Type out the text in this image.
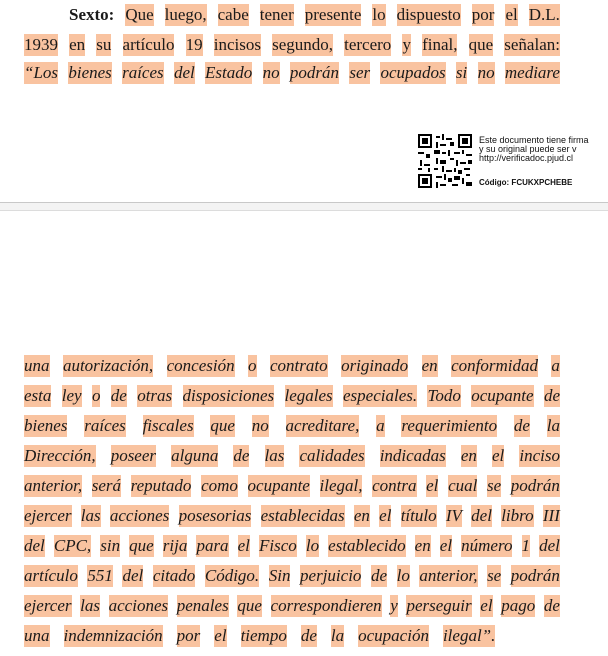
Sexto: Que luego, cabe tener presente lo dispuesto por el D.L.
1939 en su artículo 19 incisos segundo, tercero y final, que señalan:
“Los bienes raíces del Estado no podrán ser ocupados si no mediare
Este documento tiene firma
y su original puede ser v
http://verificadoc.pjud.cl
Código: FCUKXPCHEBE
una autorización, concesión o contrato originado en conformidad a
esta ley o de otras disposiciones legales especiales. Todo ocupante de
bienes raíces fiscales que no acreditare, a requerimiento de la
Dirección, poseer alguna de las calidades indicadas en el inciso
anterior, será reputado como ocupante ilegal, contra el cual se podrán
ejercer las acciones posesorias establecidas en el título IV del libro III
del CPC, sin que rija para el Fisco lo establecido en el número 1 del
artículo 551 del citado Código. Sin perjuicio de lo anterior, se podrán
ejercer las acciones penales que correspondieren y perseguir el pago de
una indemnización por el tiempo de la ocupación ilegal”.
